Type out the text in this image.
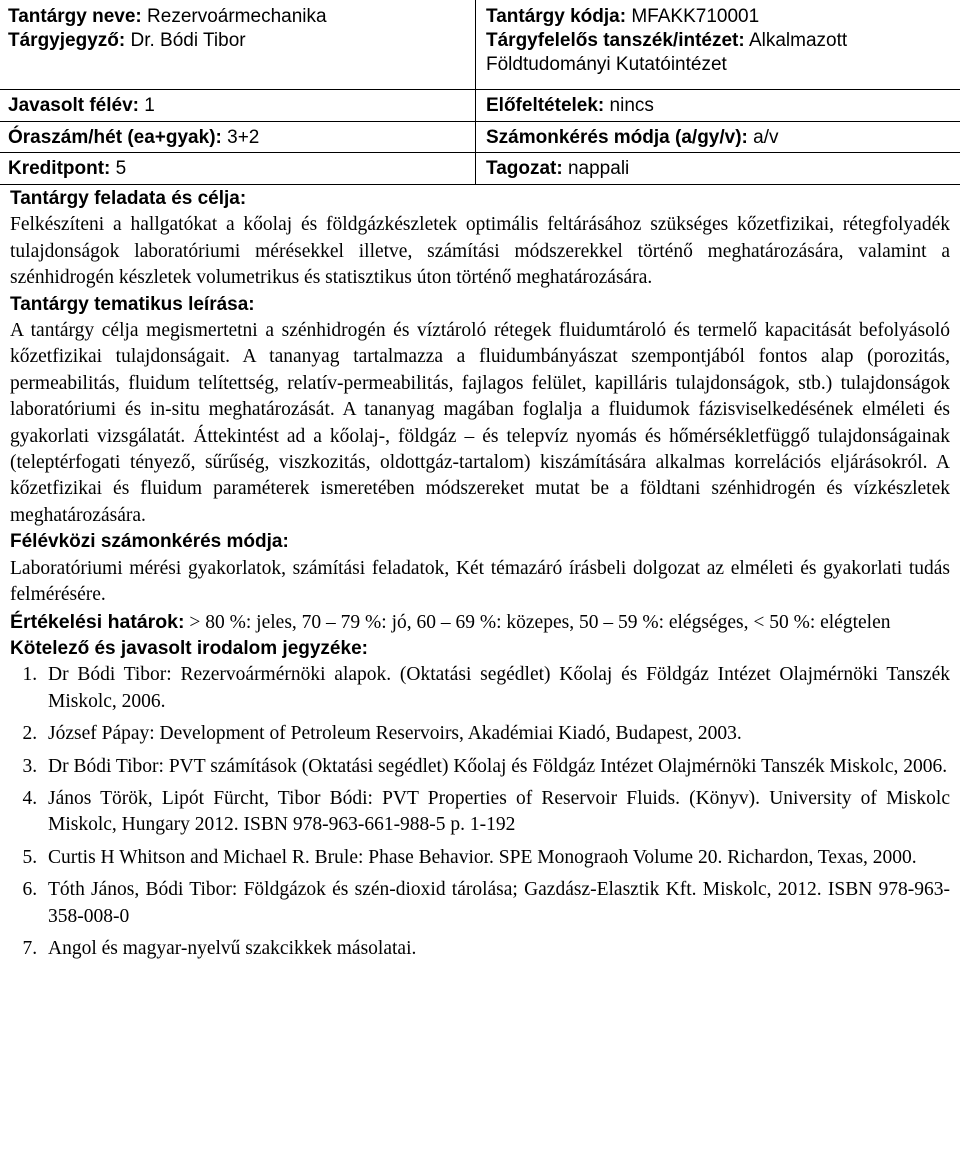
Tantárgy neve: Rezervoármechanika
Tárgyjegyző: Dr. Bódi Tibor
Javasolt félév: 1
Óraszám/hét (ea+gyak): 3+2
Kreditpont: 5
Tantárgy kódja: MFAKK710001
Tárgyfelelős tanszék/intézet: Alkalmazott Földtudományi Kutatóintézet
Előfeltételek: nincs
Számonkérés módja (a/gy/v): a/v
Tagozat: nappali

Tantárgy feladata és célja:

Felkészíteni a hallgatókat a kőolaj és földgázkészletek optimális feltárásához szükséges kőzetfizikai, rétegfolyadék tulajdonságok laboratóriumi mérésekkel illetve, számítási módszerekkel történő meghatározására, valamint a szénhidrogén készletek volumetrikus és statisztikus úton történő meghatározására.

Tantárgy tematikus leírása:

A tantárgy célja megismertetni a szénhidrogén és víztároló rétegek fluidumtároló és termelő kapacitását befolyásoló kőzetfizikai tulajdonságait. A tananyag tartalmazza a fluidumbányászat szempontjából fontos alap (porozitás, permeabilitás, fluidum telítettség, relatív-permeabilitás, fajlagos felület, kapilláris tulajdonságok, stb.) tulajdonságok laboratóriumi és in-situ meghatározását. A tananyag magában foglalja a fluidumok fázisviselkedésének elméleti és gyakorlati vizsgálatát. Áttekintést ad a kőolaj-, földgáz – és telepvíz nyomás és hőmérsékletfüggő tulajdonságainak (teleptérfogati tényező, sűrűség, viszkozitás, oldottgáz-tartalom) kiszámítására alkalmas korrelációs eljárásokról. A kőzetfizikai és fluidum paraméterek ismeretében módszereket mutat be a földtani szénhidrogén és vízkészletek meghatározására.

Félévközi számonkérés módja:

Laboratóriumi mérési gyakorlatok, számítási feladatok, Két témazáró írásbeli dolgozat az elméleti és gyakorlati tudás felmérésére.

Értékelési határok: > 80 %: jeles, 70 – 79 %: jó, 60 – 69 %: közepes, 50 – 59 %: elégséges, < 50 %: elégtelen

Kötelező és javasolt irodalom jegyzéke:

1. Dr Bódi Tibor: Rezervoármérnöki alapok. (Oktatási segédlet) Kőolaj és Földgáz Intézet Olajmérnöki Tanszék Miskolc, 2006.
2. József Pápay: Development of Petroleum Reservoirs, Akadémiai Kiadó, Budapest, 2003.
3. Dr Bódi Tibor: PVT számítások (Oktatási segédlet) Kőolaj és Földgáz Intézet Olajmérnöki Tanszék Miskolc, 2006.
4. János Török, Lipót Fürcht, Tibor Bódi: PVT Properties of Reservoir Fluids. (Könyv). University of Miskolc Miskolc, Hungary 2012. ISBN 978-963-661-988-5 p. 1-192
5. Curtis H Whitson and Michael R. Brule: Phase Behavior. SPE Monograoh Volume 20. Richardon, Texas, 2000.
6. Tóth János, Bódi Tibor: Földgázok és szén-dioxid tárolása; Gazdász-Elasztik Kft. Miskolc, 2012. ISBN 978-963-358-008-0
7. Angol és magyar-nyelvű szakcikkek másolatai.
